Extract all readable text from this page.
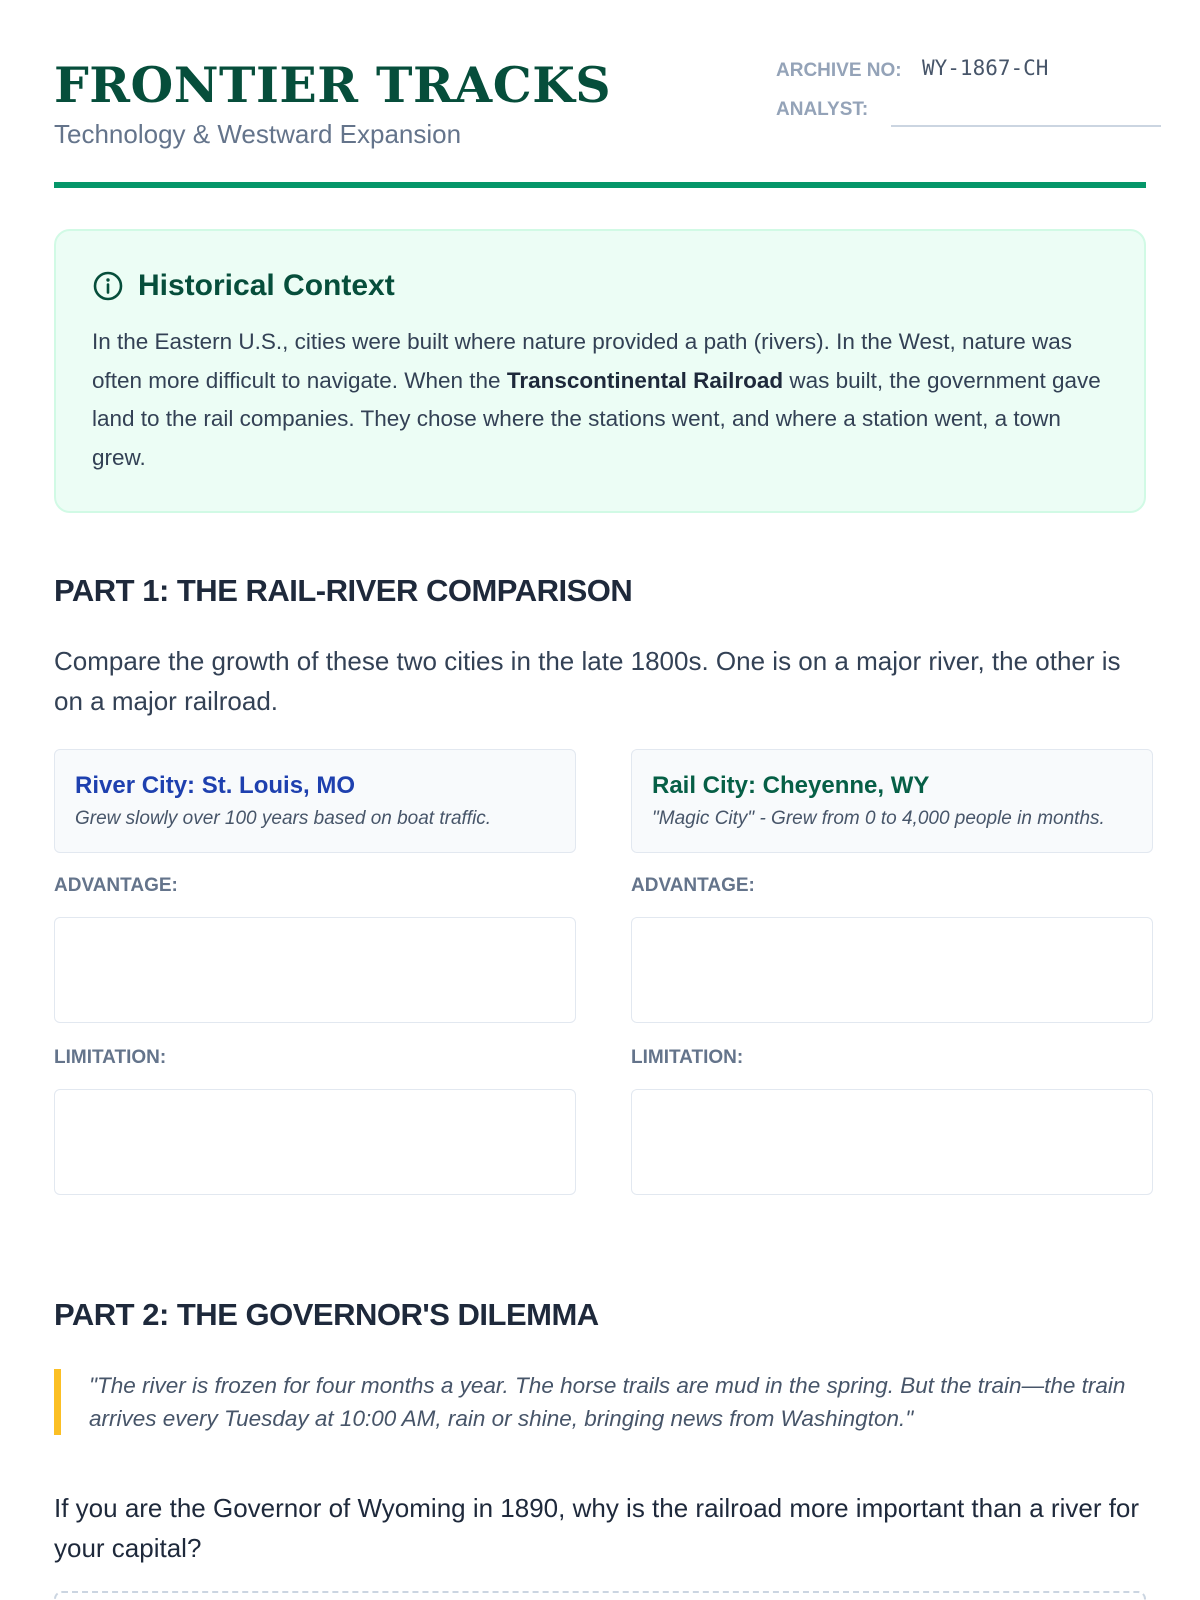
FRONTIER TRACKS
Technology & Westward Expansion
ARCHIVE NO: WY-1867-CH
ANALYST:
Historical Context
In the Eastern U.S., cities were built where nature provided a path (rivers). In the West, nature was often more difficult to navigate. When the Transcontinental Railroad was built, the government gave land to the rail companies. They chose where the stations went, and where a station went, a town grew.
PART 1: THE RAIL-RIVER COMPARISON
Compare the growth of these two cities in the late 1800s. One is on a major river, the other is on a major railroad.
River City: St. Louis, MO
Grew slowly over 100 years based on boat traffic.
ADVANTAGE:
LIMITATION:
Rail City: Cheyenne, WY
"Magic City" - Grew from 0 to 4,000 people in months.
ADVANTAGE:
LIMITATION:
PART 2: THE GOVERNOR'S DILEMMA
"The river is frozen for four months a year. The horse trails are mud in the spring. But the train—the train arrives every Tuesday at 10:00 AM, rain or shine, bringing news from Washington."
If you are the Governor of Wyoming in 1890, why is the railroad more important than a river for your capital?
